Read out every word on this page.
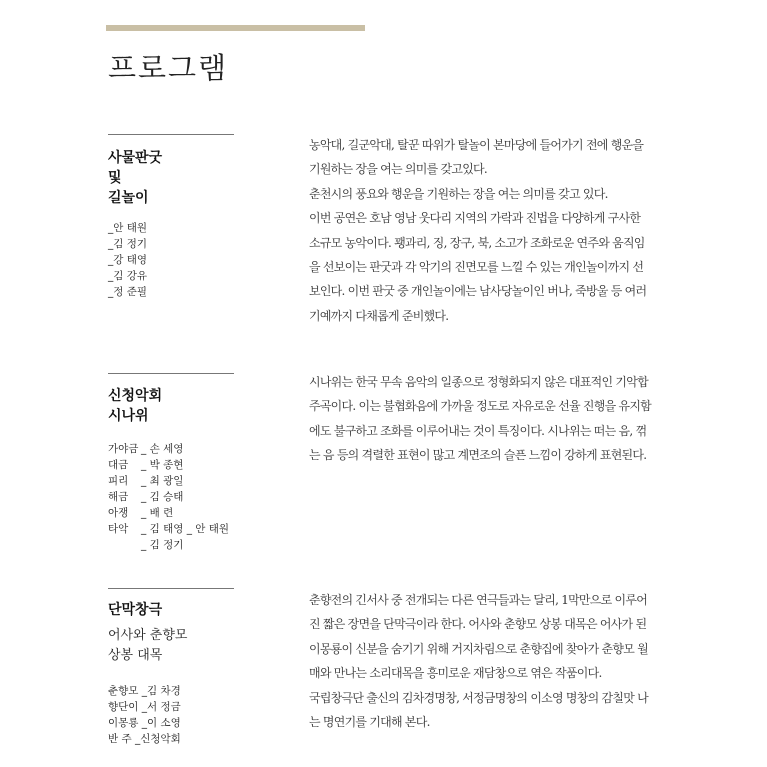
프로그램
사물판굿
및
길놀이
_안 태원
_김 정기
_강 태영
_김 강유
_정 준필

농악대, 길군악대, 탈꾼 따위가 탈놀이 본마당에 들어가기 전에 행운을 기원하는 장을 여는 의미를 갖고있다.

춘천시의 풍요와 행운을 기원하는 장을 여는 의미를 갖고 있다.

이번 공연은 호남 영남 웃다리 지역의 가락과 진법을 다양하게 구사한 소규모 농악이다. 꽹과리, 징, 장구, 북, 소고가 조화로운 연주와 움직임을 선보이는 판굿과 각 악기의 진면모를 느낄 수 있는 개인놀이까지 선보인다. 이번 판굿 중 개인놀이에는 남사당놀이인 버나, 죽방울 등 여러 기예까지 다채롭게 준비했다.

신청악회
시나위
가야금 _ 손 세영
대금 _ 박 종현
피리 _ 최 광일
해금 _ 김 승태
아쟁 _ 배 련
타악 _ 김 태영 _ 안 태원
_ 김 정기

시나위는 한국 무속 음악의 일종으로 정형화되지 않은 대표적인 기악합주곡이다. 이는 불협화음에 가까울 정도로 자유로운 선율 진행을 유지함에도 불구하고 조화를 이루어내는 것이 특징이다. 시나위는 떠는 음, 꺾는 음 등의 격렬한 표현이 많고 계면조의 슬픈 느낌이 강하게 표현된다.

단막창극
어사와 춘향모
상봉 대목
춘향모 _김 차경
향단이 _서 정금
이몽룡 _이 소영
반 주 _신청악회

춘향전의 긴서사 중 전개되는 다른 연극들과는 달리, 1막만으로 이루어진 짧은 장면을 단막극이라 한다. 어사와 춘향모 상봉 대목은 어사가 된 이몽룡이 신분을 숨기기 위해 거지차림으로 춘향집에 찾아가 춘향모 월매와 만나는 소리대목을 흥미로운 재담창으로 엮은 작품이다.

국립창극단 출신의 김차경명창, 서정금명창의 이소영 명창의 감칠맛 나는 명연기를 기대해 본다.
